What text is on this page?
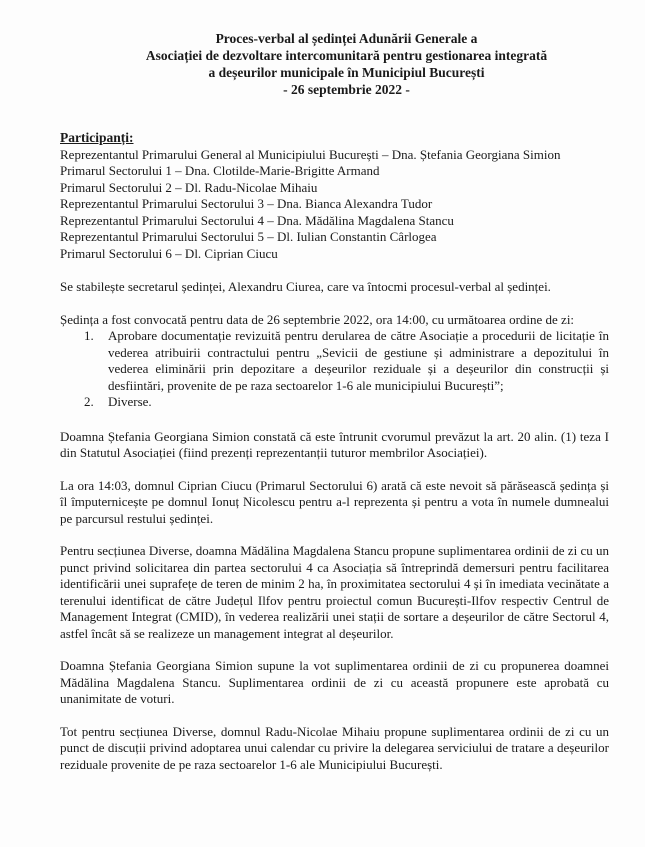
Proces-verbal al ședinței Adunării Generale a
Asociației de dezvoltare intercomunitară pentru gestionarea integrată
a deșeurilor municipale în Municipiul București
- 26 septembrie 2022 -
Participanți:
Reprezentantul Primarului General al Municipiului București – Dna. Ștefania Georgiana Simion
Primarul Sectorului 1 – Dna. Clotilde-Marie-Brigitte Armand
Primarul Sectorului 2 – Dl. Radu-Nicolae Mihaiu
Reprezentantul Primarului Sectorului 3 – Dna. Bianca Alexandra Tudor
Reprezentantul Primarului Sectorului 4 – Dna. Mădălina Magdalena Stancu
Reprezentantul Primarului Sectorului 5 – Dl. Iulian Constantin Cârlogea
Primarul Sectorului 6 – Dl. Ciprian Ciucu

Se stabilește secretarul ședinței, Alexandru Ciurea, care va întocmi procesul-verbal al ședinței.

Ședința a fost convocată pentru data de 26 septembrie 2022, ora 14:00, cu următoarea ordine de zi:

1. Aprobare documentație revizuită pentru derularea de către Asociație a procedurii de licitație în vederea atribuirii contractului pentru „Sevicii de gestiune și administrare a depozitului în vederea eliminării prin depozitare a deșeurilor reziduale și a deșeurilor din construcții și desfiintări, provenite de pe raza sectoarelor 1-6 ale municipiului București”;
2. Diverse.

Doamna Ștefania Georgiana Simion constată că este întrunit cvorumul prevăzut la art. 20 alin. (1) teza I din Statutul Asociației (fiind prezenți reprezentanții tuturor membrilor Asociației).

La ora 14:03, domnul Ciprian Ciucu (Primarul Sectorului 6) arată că este nevoit să părăsească ședința și îl împuternicește pe domnul Ionuț Nicolescu pentru a-l reprezenta și pentru a vota în numele dumnealui pe parcursul restului ședinței.

Pentru secțiunea Diverse, doamna Mădălina Magdalena Stancu propune suplimentarea ordinii de zi cu un punct privind solicitarea din partea sectorului 4 ca Asociația să întreprindă demersuri pentru facilitarea identificării unei suprafețe de teren de minim 2 ha, în proximitatea sectorului 4 și în imediata vecinătate a terenului identificat de către Județul Ilfov pentru proiectul comun București-Ilfov respectiv Centrul de Management Integrat (CMID), în vederea realizării unei stații de sortare a deșeurilor de către Sectorul 4, astfel încât să se realizeze un management integrat al deșeurilor.

Doamna Ștefania Georgiana Simion supune la vot suplimentarea ordinii de zi cu propunerea doamnei Mădălina Magdalena Stancu. Suplimentarea ordinii de zi cu această propunere este aprobată cu unanimitate de voturi.

Tot pentru secțiunea Diverse, domnul Radu-Nicolae Mihaiu propune suplimentarea ordinii de zi cu un punct de discuții privind adoptarea unui calendar cu privire la delegarea serviciului de tratare a deșeurilor reziduale provenite de pe raza sectoarelor 1-6 ale Municipiului București.
